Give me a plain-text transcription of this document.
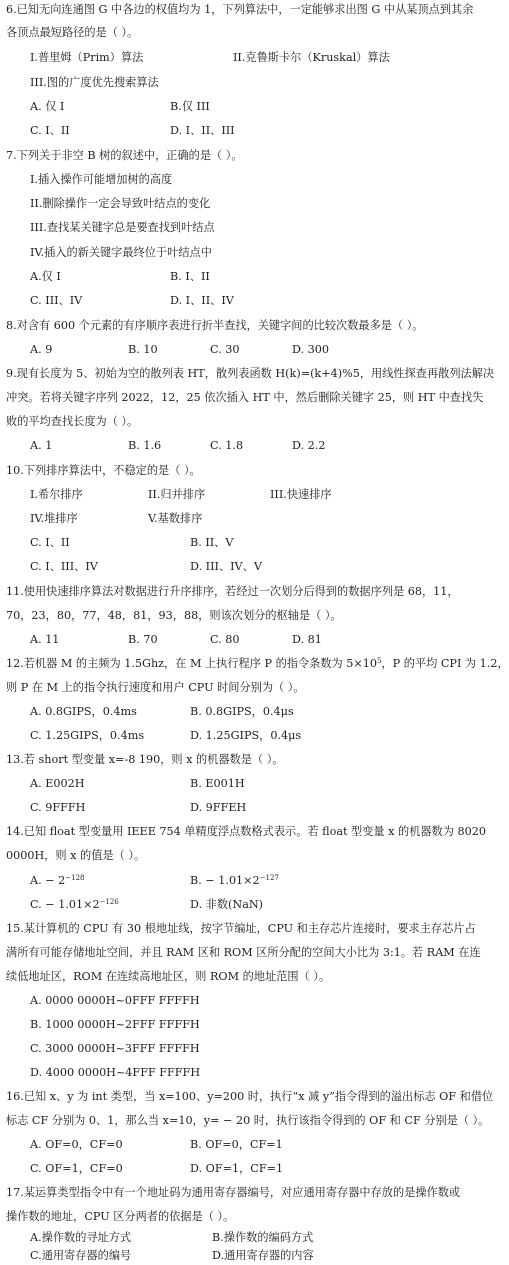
6.已知无向连通图 G 中各边的权值均为 1，下列算法中，一定能够求出图 G 中从某顶点到其余
各顶点最短路径的是（ ）。
I.普里姆（Prim）算法	II.克鲁斯卡尔（Kruskal）算法
III.图的广度优先搜索算法
A. 仅 I	B.仅 III
C. I、II	D. I、II、III
7.下列关于非空 B 树的叙述中，正确的是（ ）。
I.插入操作可能增加树的高度
II.删除操作一定会导致叶结点的变化
III.查找某关键字总是要查找到叶结点
IV.插入的新关键字最终位于叶结点中
A.仅 I	B. I、II
C. III、IV	D. I、II、IV
8.对含有 600 个元素的有序顺序表进行折半查找，关键字间的比较次数最多是（ ）。
A. 9	B. 10	C. 30	D. 300
9.现有长度为 5、初始为空的散列表 HT，散列表函数 H(k)=(k+4)%5，用线性探查再散列法解决
冲突。若将关键字序列 2022，12，25 依次插入 HT 中，然后删除关键字 25，则 HT 中查找失
败的平均查找长度为（ ）。
A. 1	B. 1.6	C. 1.8	D. 2.2
10.下列排序算法中，不稳定的是（ ）。
I.希尔排序	II.归并排序	III.快速排序
IV.堆排序	V.基数排序
C. I、II	B. II、V
C. I、III、IV	D. III、IV、V
11.使用快速排序算法对数据进行升序排序，若经过一次划分后得到的数据序列是 68，11，
70，23，80，77，48，81，93，88，则该次划分的枢轴是（ ）。
A. 11	B. 70	C. 80	D. 81
12.若机器 M 的主频为 1.5Ghz，在 M 上执行程序 P 的指令条数为 $5\times 10^5$，P 的平均 CPI 为 1.2，
则 P 在 M 上的指令执行速度和用户 CPU 时间分别为（ ）。
A. 0.8GIPS，0.4ms	B. 0.8GIPS，0.4μs
C. 1.25GIPS，0.4ms	D. 1.25GIPS，0.4μs
13.若 short 型变量 x=-8 190，则 x 的机器数是（ ）。
A. E002H	B. E001H
C. 9FFFH	D. 9FFEH
14.已知 float 型变量用 IEEE 754 单精度浮点数格式表示。若 float 型变量 x 的机器数为 8020
0000H，则 x 的值是（ ）。
A. − $2^{-128}$	B. − $1.01\times 2^{-127}$
C. − $1.01\times 2^{-126}$	D. 非数(NaN)
15.某计算机的 CPU 有 30 根地址线，按字节编址，CPU 和主存芯片连接时，要求主存芯片占
满所有可能存储地址空间，并且 RAM 区和 ROM 区所分配的空间大小比为 3:1。若 RAM 在连
续低地址区，ROM 在连续高地址区，则 ROM 的地址范围（ ）。
A. 0000 0000H~0FFF FFFFH
B. 1000 0000H~2FFF FFFFH
C. 3000 0000H~3FFF FFFFH
D. 4000 0000H~4FFF FFFFH
16.已知 x、y 为 int 类型，当 x=100、y=200 时，执行“x 减 y”指令得到的溢出标志 OF 和借位
标志 CF 分别为 0、1，那么当 x=10，y= − 20 时，执行该指令得到的 OF 和 CF 分别是（ ）。
A. OF=0，CF=0	B. OF=0，CF=1
C. OF=1，CF=0	D. OF=1，CF=1
17.某运算类型指令中有一个地址码为通用寄存器编号，对应通用寄存器中存放的是操作数或
操作数的地址，CPU 区分两者的依据是（ ）。
A.操作数的寻址方式	B.操作数的编码方式
C.通用寄存器的编号	D.通用寄存器的内容
